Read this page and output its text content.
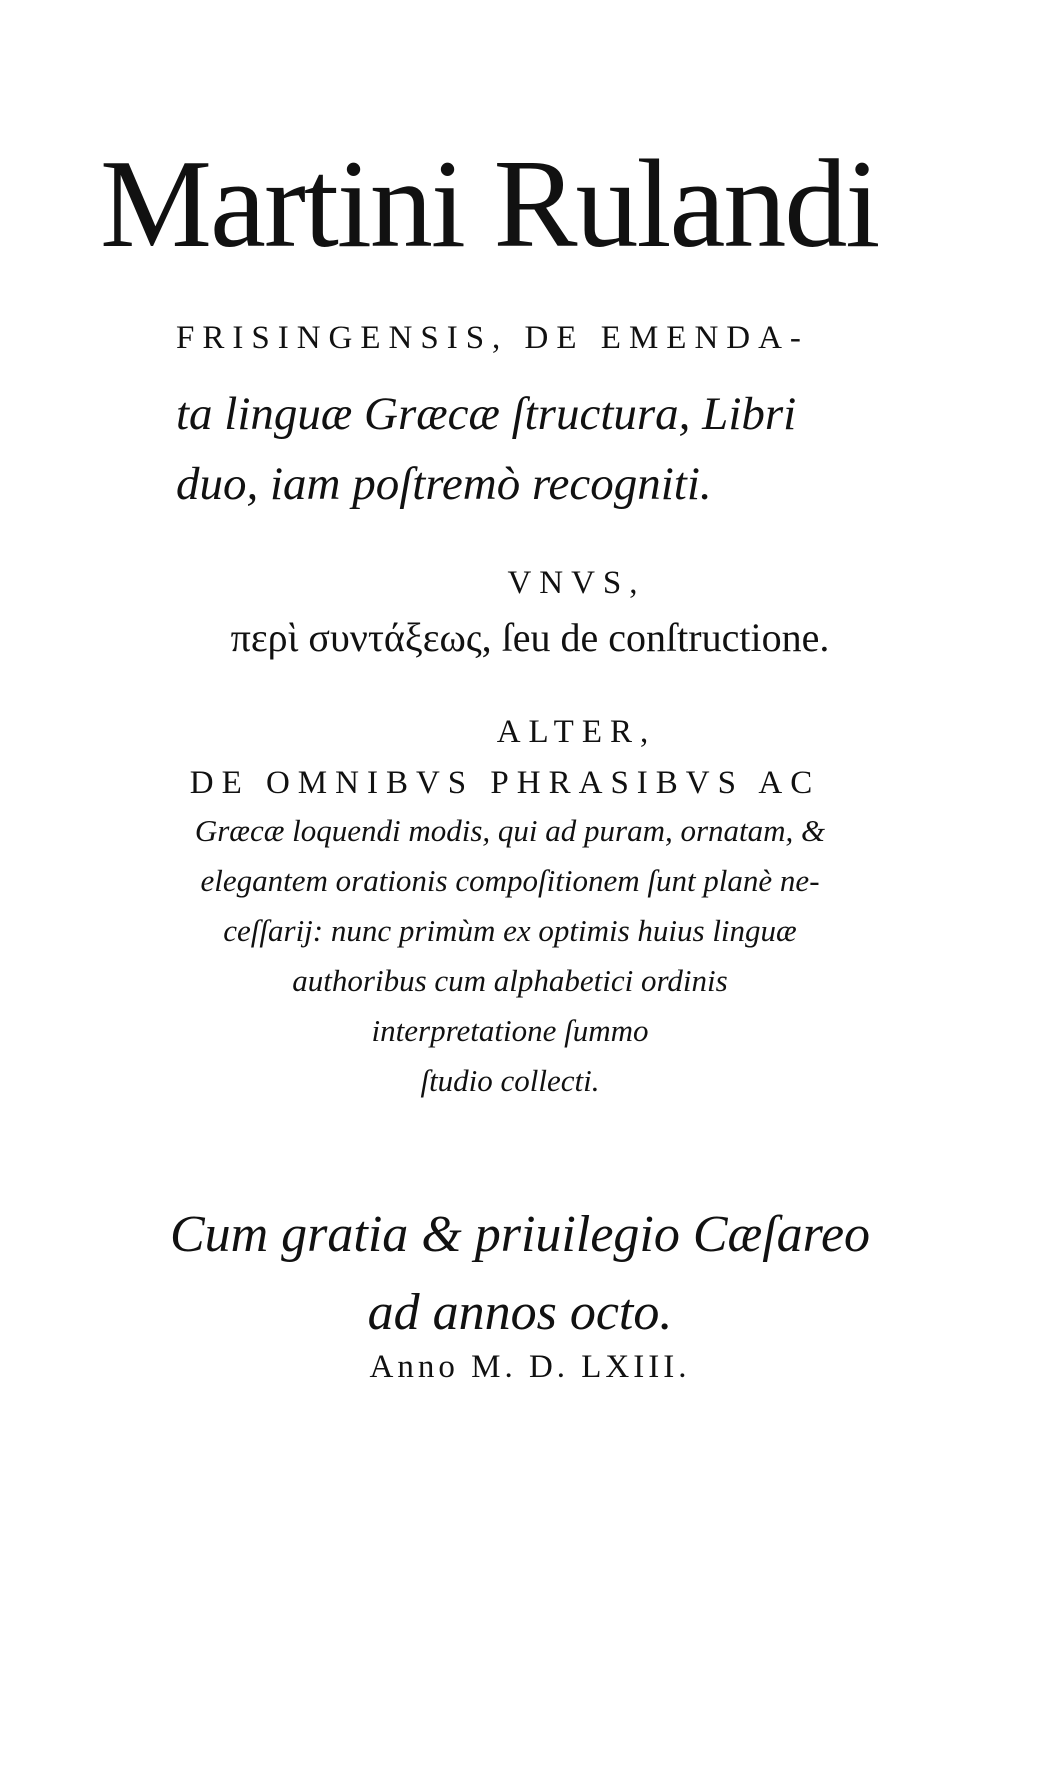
Martini Rulandi
FRISINGENSIS, DE EMENDA-
ta linguæ Græcæ ſtructura, Libri
duo, iam poſtremò recogniti.
VNVS,
περὶ συντάξεως, ſeu de conſtructione.
ALTER,
DE OMNIBVS PHRASIBVS AC
Græcæ loquendi modis, qui ad puram, ornatam, &
elegantem orationis compoſitionem ſunt planè ne-
ceſſarij: nunc primùm ex optimis huius linguæ
authoribus cum alphabetici ordinis
interpretatione ſummo
ſtudio collecti.
Cum gratia & priuilegio Cæſareo
ad annos octo.
Anno M. D. LXIII.
